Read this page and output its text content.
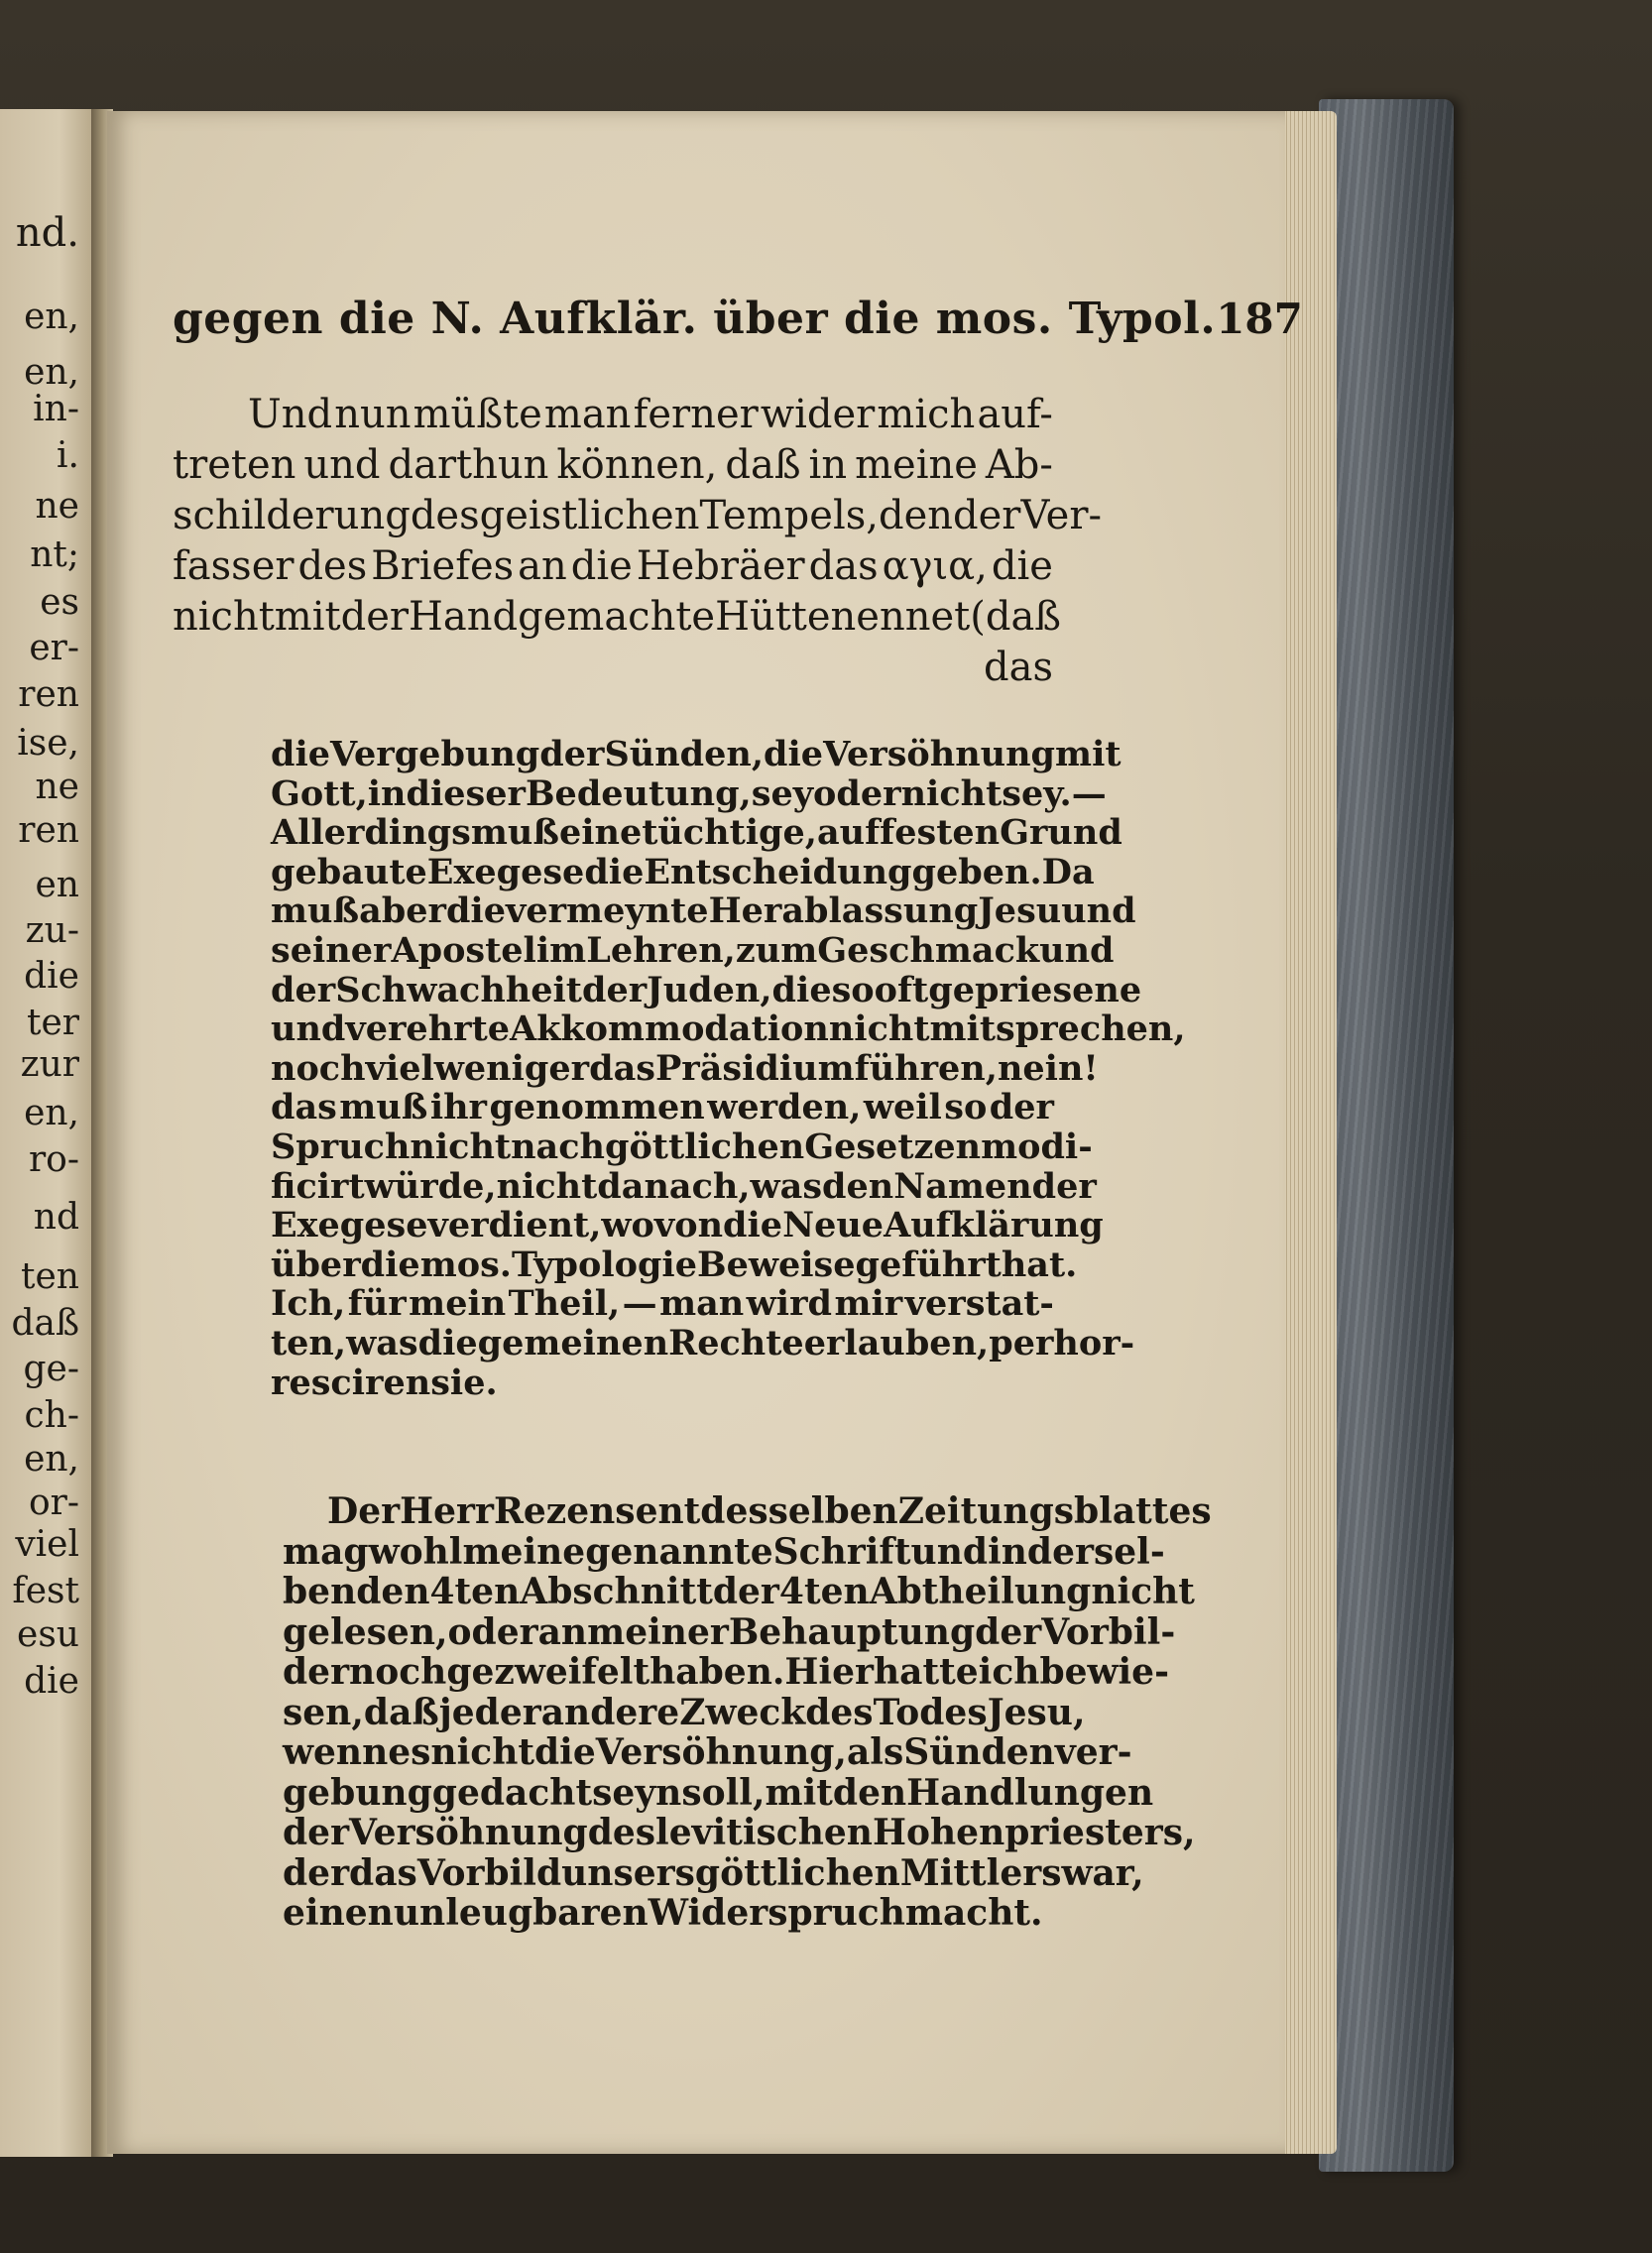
nd.
en,
en,
in-
i.
ne
nt;
es
er-
ren
ise,
ne
ren
en
zu-
die
ter
zur
en,
ro-
nd
ten
daß
ge-
ch-
en,
or-
viel
fest
esu
die
gegen die N. Aufklär. über die mos. Typol. 187
Und nun müßte man ferner wider mich auf-
treten und darthun können, daß in meine Ab-
schilderung des geistlichen Tempels, den der Ver-
fasser des Briefes an die Hebräer das αγια, die
nicht mit der Hand gemachte Hütte nennet (daß
das
die Vergebung der Sünden, die Versöhnung mit
Gott, in dieser Bedeutung, sey oder nicht sey. —
Allerdings muß eine tüchtige, auf festen Grund
gebaute Exegese die Entscheidung geben. Da
muß aber die vermeynte Herablassung Jesu und
seiner Apostel im Lehren, zum Geschmack und
der Schwachheit der Juden, die so oft gepriesene
und verehrte Akkommodation nicht mit sprechen,
noch viel weniger das Präsidium führen, nein!
das muß ihr genommen werden, weil so der
Spruch nicht nach göttlichen Gesetzen modi-
ficirt würde, nicht danach, was den Namen der
Exegese verdient, wovon die Neue Aufklärung
über die mos. Typologie Beweise geführt hat.
Ich, für mein Theil, — man wird mir verstat-
ten, was die gemeinen Rechte erlauben, perhor-
resciren sie.
Der Herr Rezensent desselben Zeitungsblattes
mag wohl meine genannte Schrift und in dersel-
ben den 4ten Abschnitt der 4ten Abtheilung nicht
gelesen, oder an meiner Behauptung der Vorbil-
der noch gezweifelt haben. Hier hatte ich bewie-
sen, daß jeder andere Zweck des Todes Jesu,
wenn es nicht die Versöhnung, als Sündenver-
gebung gedacht seyn soll, mit den Handlungen
der Versöhnung des levitischen Hohenpriesters,
der das Vorbild unsers göttlichen Mittlers war,
einen unleugbaren Widerspruch macht.
